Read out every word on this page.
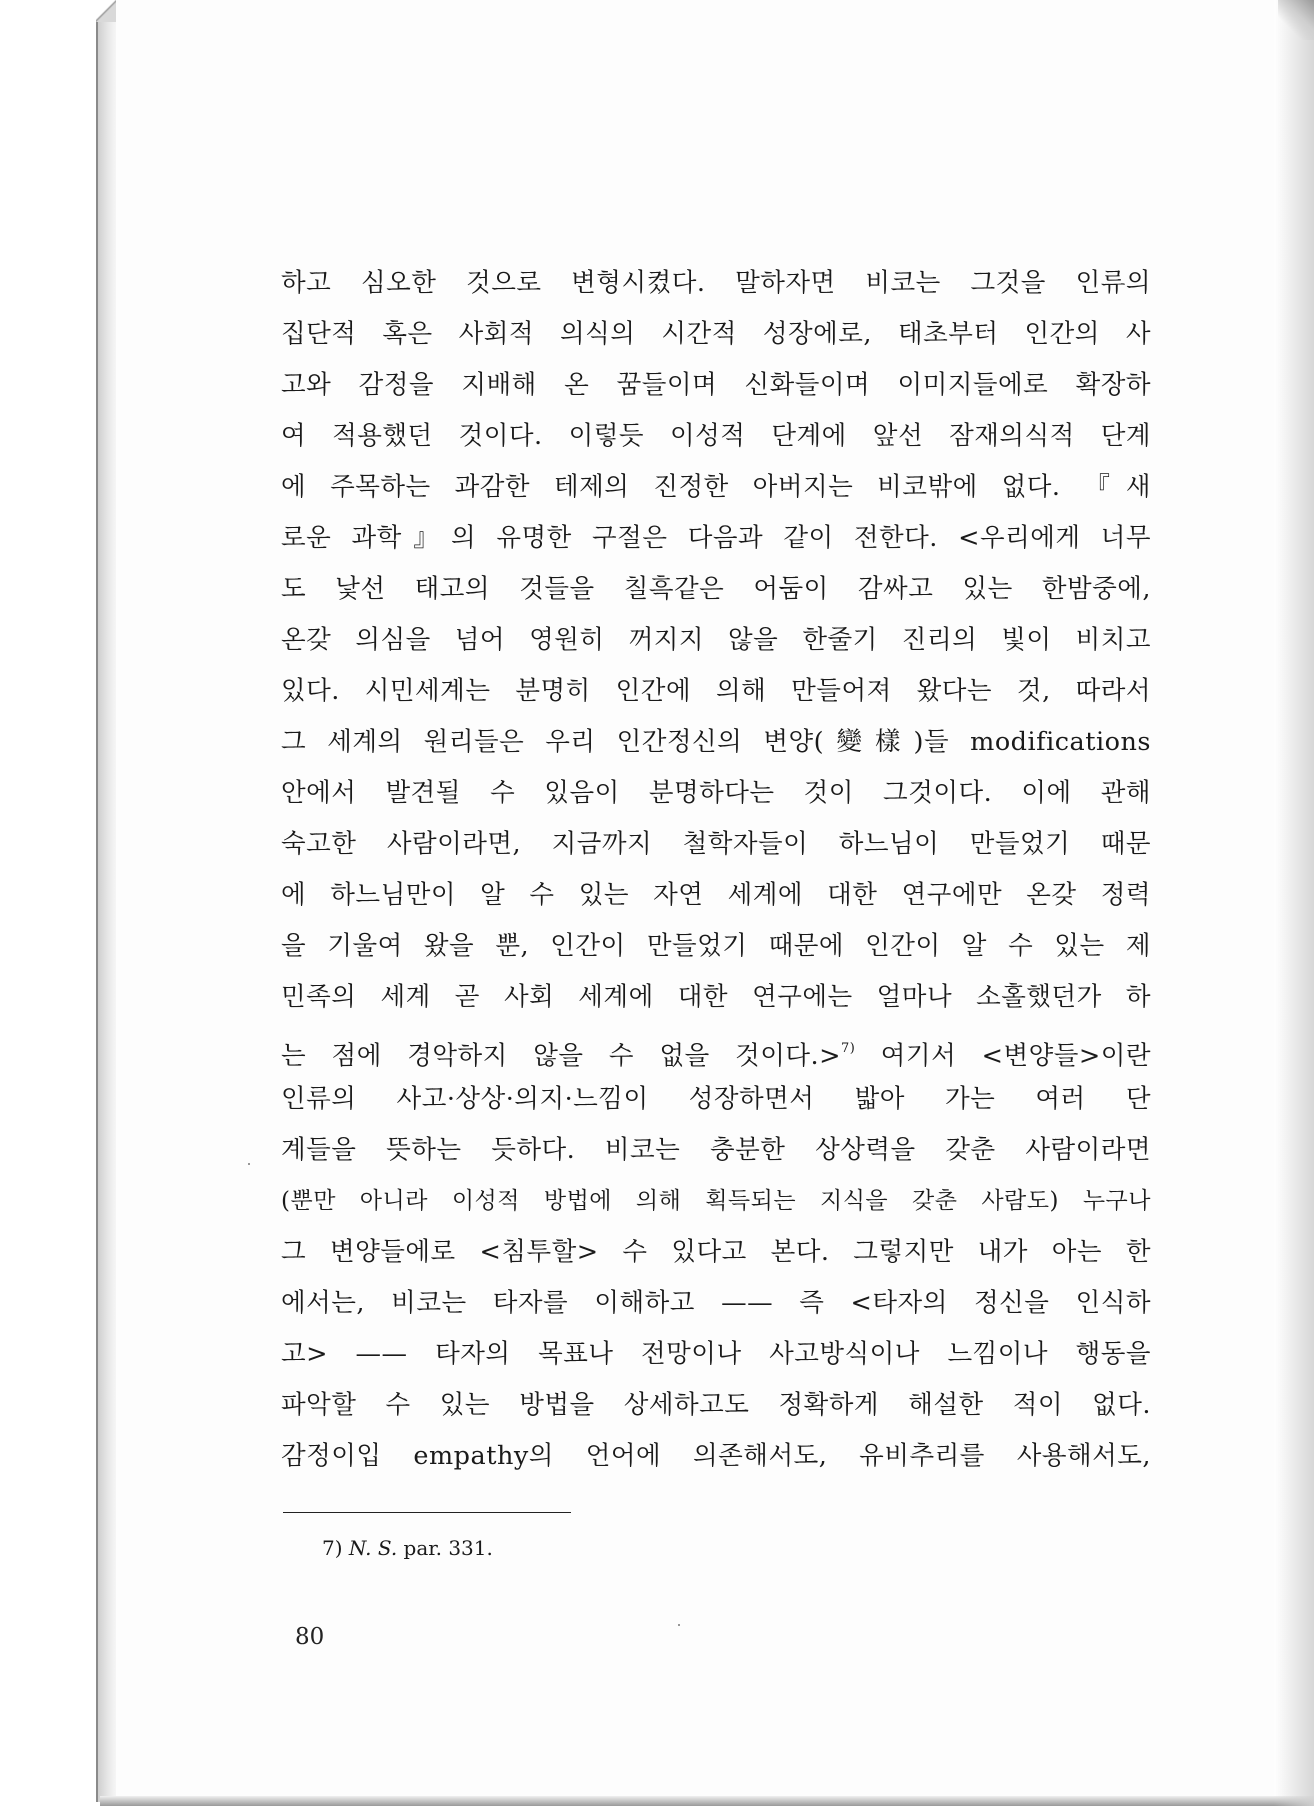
하고 심오한 것으로 변형시켰다. 말하자면 비코는 그것을 인류의
집단적 혹은 사회적 의식의 시간적 성장에로, 태초부터 인간의 사
고와 감정을 지배해 온 꿈들이며 신화들이며 이미지들에로 확장하
여 적용했던 것이다. 이렇듯 이성적 단계에 앞선 잠재의식적 단계
에 주목하는 과감한 테제의 진정한 아버지는 비코밖에 없다. 『새
로운 과학』의 유명한 구절은 다음과 같이 전한다. <우리에게 너무
도 낯선 태고의 것들을 칠흑같은 어둠이 감싸고 있는 한밤중에,
온갖 의심을 넘어 영원히 꺼지지 않을 한줄기 진리의 빛이 비치고
있다. 시민세계는 분명히 인간에 의해 만들어져 왔다는 것, 따라서
그 세계의 원리들은 우리 인간정신의 변양(變樣)들 modifications
안에서 발견될 수 있음이 분명하다는 것이 그것이다. 이에 관해
숙고한 사람이라면, 지금까지 철학자들이 하느님이 만들었기 때문
에 하느님만이 알 수 있는 자연 세계에 대한 연구에만 온갖 정력
을 기울여 왔을 뿐, 인간이 만들었기 때문에 인간이 알 수 있는 제
민족의 세계 곧 사회 세계에 대한 연구에는 얼마나 소홀했던가 하
는 점에 경악하지 않을 수 없을 것이다.>$^{7)}$ 여기서 <변양들>이란
인류의 사고·상상·의지·느낌이 성장하면서 밟아 가는 여러 단
계들을 뜻하는 듯하다. 비코는 충분한 상상력을 갖춘 사람이라면
(뿐만 아니라 이성적 방법에 의해 획득되는 지식을 갖춘 사람도) 누구나
그 변양들에로 <침투할> 수 있다고 본다. 그렇지만 내가 아는 한
에서는, 비코는 타자를 이해하고 —— 즉 <타자의 정신을 인식하
고> —— 타자의 목표나 전망이나 사고방식이나 느낌이나 행동을
파악할 수 있는 방법을 상세하고도 정확하게 해설한 적이 없다.
감정이입 empathy의 언어에 의존해서도, 유비추리를 사용해서도,
7) N. S. par. 331.
80
